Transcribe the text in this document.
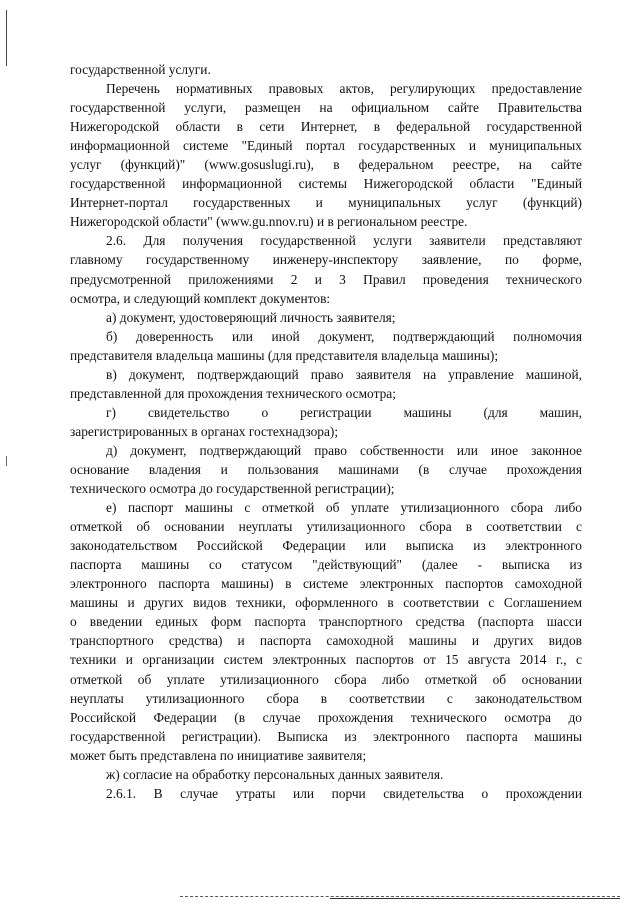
государственной услуги.

Перечень нормативных правовых актов, регулирующих предоставление

государственной услуги, размещен на официальном сайте Правительства

Нижегородской области в сети Интернет, в федеральной государственной

информационной системе "Единый портал государственных и муниципальных

услуг (функций)" (www.gosuslugi.ru), в федеральном реестре, на сайте

государственной информационной системы Нижегородской области "Единый

Интернет-портал государственных и муниципальных услуг (функций)

Нижегородской области" (www.gu.nnov.ru) и в региональном реестре.

2.6. Для получения государственной услуги заявители представляют

главному государственному инженеру-инспектору заявление, по форме,

предусмотренной приложениями 2 и 3 Правил проведения технического

осмотра, и следующий комплект документов:

а) документ, удостоверяющий личность заявителя;

б) доверенность или иной документ, подтверждающий полномочия

представителя владельца машины (для представителя владельца машины);

в) документ, подтверждающий право заявителя на управление машиной,

представленной для прохождения технического осмотра;

г) свидетельство о регистрации машины (для машин,

зарегистрированных в органах гостехнадзора);

д) документ, подтверждающий право собственности или иное законное

основание владения и пользования машинами (в случае прохождения

технического осмотра до государственной регистрации);

е) паспорт машины с отметкой об уплате утилизационного сбора либо

отметкой об основании неуплаты утилизационного сбора в соответствии с

законодательством Российской Федерации или выписка из электронного

паспорта машины со статусом "действующий" (далее - выписка из

электронного паспорта машины) в системе электронных паспортов самоходной

машины и других видов техники, оформленного в соответствии с Соглашением

о введении единых форм паспорта транспортного средства (паспорта шасси

транспортного средства) и паспорта самоходной машины и других видов

техники и организации систем электронных паспортов от 15 августа 2014 г., с

отметкой об уплате утилизационного сбора либо отметкой об основании

неуплаты утилизационного сбора в соответствии с законодательством

Российской Федерации (в случае прохождения технического осмотра до

государственной регистрации). Выписка из электронного паспорта машины

может быть представлена по инициативе заявителя;

ж) согласие на обработку персональных данных заявителя.

2.6.1. В случае утраты или порчи свидетельства о прохождении
